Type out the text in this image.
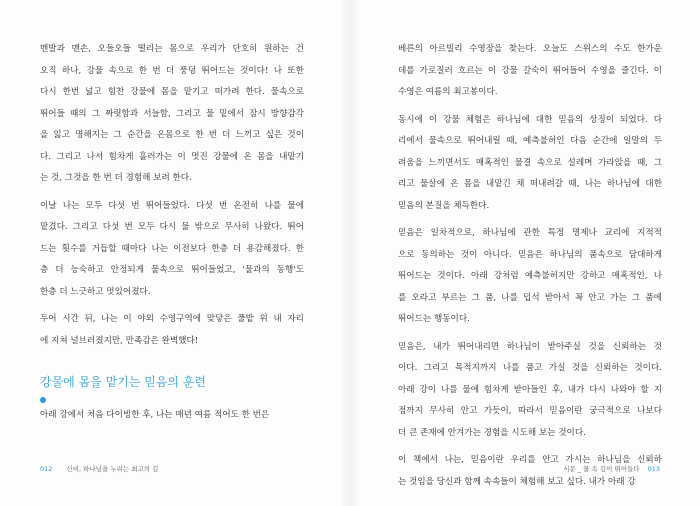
멘발과 맨손, 오들오들 떨리는 몸으로 우리가 단호히 원하는 건
오직 하나, 강물 속으로 한 번 더 풍덩 뛰어드는 것이다! 나 또한
다시 한번 넓고 힘찬 강물에 몸을 맡기고 떠가려 한다. 물속으로
뛰어들 때의 그 짜릿함과 서늘함, 그리고 물 밑에서 잠시 방향감각
을 잃고 명해지는 그 순간을 온몸으로 한 번 더 느끼고 싶은 것이
다. 그리고 나서 힘차게 흘러가는 이 멋진 강물에 온 몸을 내맡기
는 것, 그것을 한 번 더 경험해 보려 한다.
이날 나는 모두 다섯 번 뛰어들었다. 다섯 번 온전히 나를 물에
맡겼다. 그리고 다섯 번 모두 다시 물 밖으로 무사히 나왔다. 뛰어
드는 횟수를 거듭할 때마다 나는 이전보다 한층 더 용감해졌다. 한
층 더 능숙하고 안정되게 물속으로 뛰어들었고, '물과의 동행'도
한층 더 느긋하고 멋있어졌다.
두어 시간 뒤, 나는 이 야외 수영구역에 맞닿은 풀밭 위 내 자리
에 지쳐 널브러졌지만, 만족감은 완벽했다!
강물에 몸을 맡기는 믿음의 훈련
아래 강에서 처음 다이빙한 후, 나는 매년 여름 적어도 한 번은
012 신비, 하나님을 누리는 최고의 길
베른의 아르빌리 수영장을 찾는다. 오늘도 스위스의 수도 한가운
데를 가로질러 흐르는 이 강물 갈숙이 뛰어들어 수영을 즐긴다. 이
수영은 여름의 최고봉이다.
동시에 이 강물 체험은 하나님에 대한 믿음의 상징이 되었다. 다
리에서 물속으로 뛰어내릴 때, 예측불허인 다음 순간에 일말의 두
려움을 느끼면서도 매혹적인 물결 속으로 설레며 가라앉을 때, 그
리고 물살에 온 몸을 내맡긴 채 떠내려갈 때, 나는 하나님에 대한
믿음의 본질을 체득한다.
믿음은 일차적으로, 하나님에 관한 특정 명제나 교리에 지적적
으로 동의하는 것이 아니다. 믿음은 하나님의 품속으로 담대하게
뛰어드는 것이다. 아래 강처럼 예측불허지만 강하고 매혹적인, 나
를 오라고 부르는 그 품, 나를 덥석 받아서 꼭 안고 가는 그 품에
뛰어드는 행동이다.
믿음은, 내가 뛰어내리면 하나님이 받아주실 것을 신뢰하는 것
이다. 그리고 목적지까지 나를 품고 가실 것을 신뢰하는 것이다.
아래 강이 나를 물에 힘차게 받아들인 후, 내가 다시 나와야 할 지
점까지 무사히 안고 가듯이, 따라서 믿음이란 궁극적으로 나보다
더 큰 존재에 안겨가는 경험을 시도해 보는 것이다.
이 책에서 나는, 믿음이란 우리를 안고 가시는 하나님을 신뢰하
는 것임을 당신과 함께 속속들이 체험해 보고 싶다. 내가 아래 강
서문 _ 물 속 깊이 뛰어들다 013
